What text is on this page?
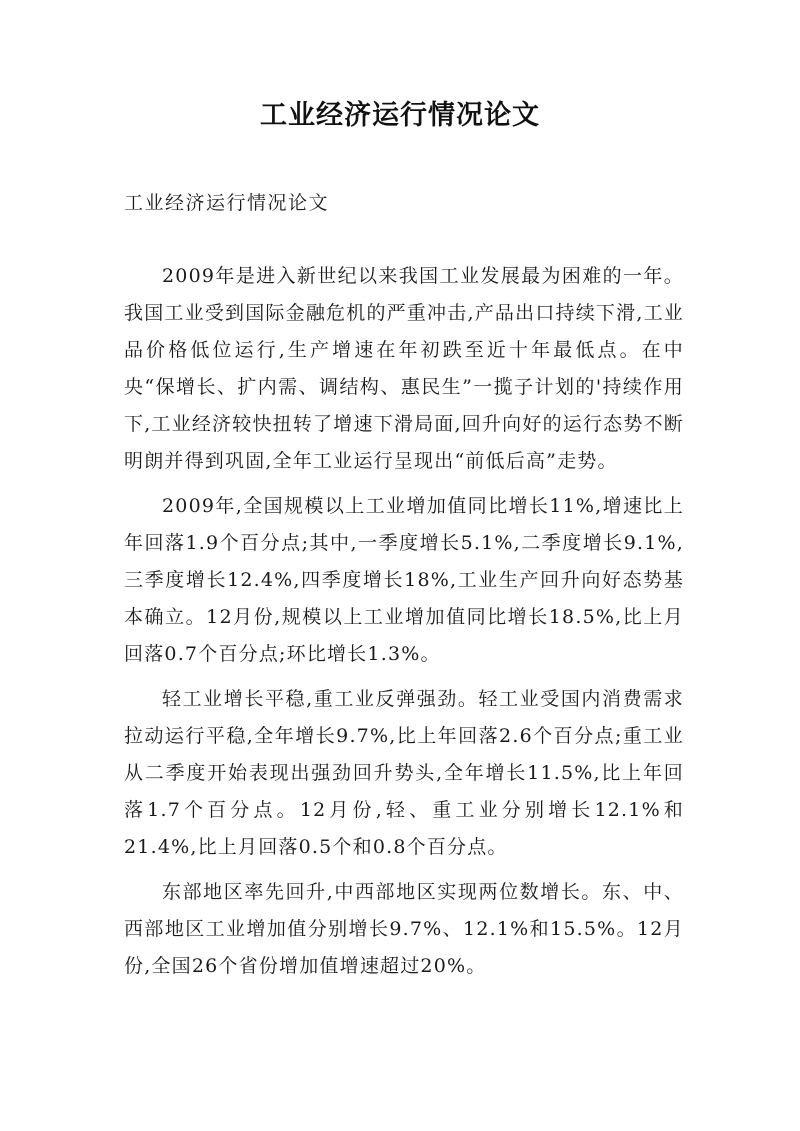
工业经济运行情况论文

工业经济运行情况论文

2009年是进入新世纪以来我国工业发展最为困难的一年。我国工业受到国际金融危机的严重冲击,产品出口持续下滑,工业品价格低位运行,生产增速在年初跌至近十年最低点。在中央“保增长、扩内需、调结构、惠民生”一揽子计划的'持续作用下,工业经济较快扭转了增速下滑局面,回升向好的运行态势不断明朗并得到巩固,全年工业运行呈现出“前低后高”走势。

2009年,全国规模以上工业增加值同比增长11%,增速比上年回落1.9个百分点;其中,一季度增长5.1%,二季度增长9.1%,三季度增长12.4%,四季度增长18%,工业生产回升向好态势基本确立。12月份,规模以上工业增加值同比增长18.5%,比上月回落0.7个百分点;环比增长1.3%。

轻工业增长平稳,重工业反弹强劲。轻工业受国内消费需求拉动运行平稳,全年增长9.7%,比上年回落2.6个百分点;重工业从二季度开始表现出强劲回升势头,全年增长11.5%,比上年回落1.7个百分点。12月份,轻、重工业分别增长12.1%和21.4%,比上月回落0.5个和0.8个百分点。

东部地区率先回升,中西部地区实现两位数增长。东、中、西部地区工业增加值分别增长9.7%、12.1%和15.5%。12月份,全国26个省份增加值增速超过20%。
